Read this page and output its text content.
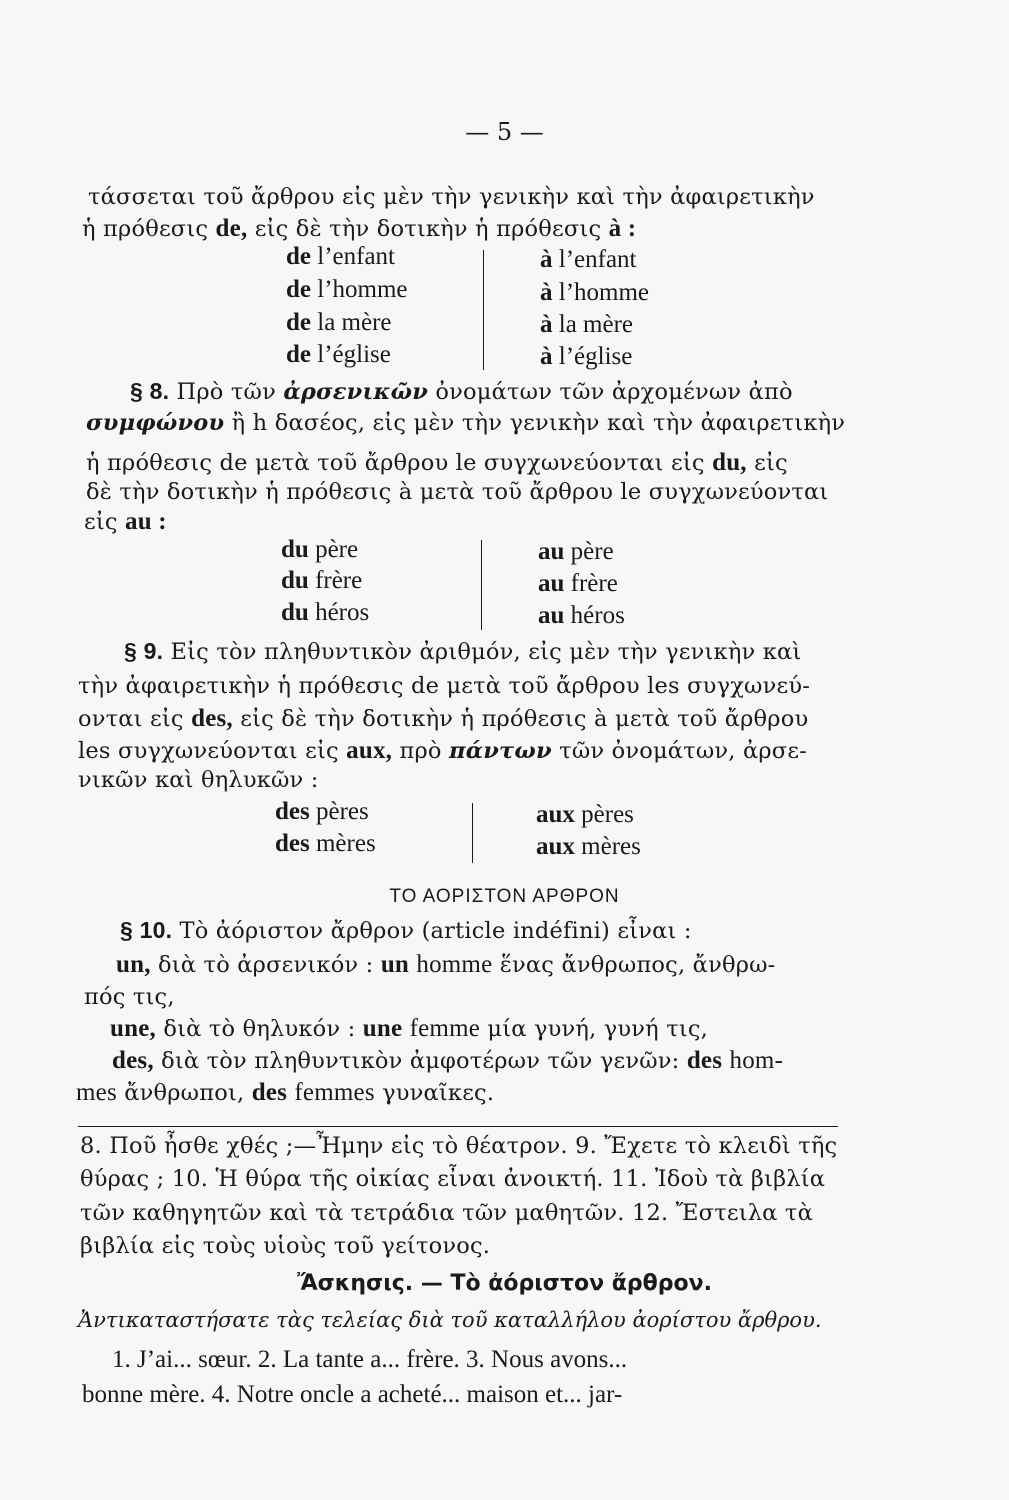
— 5 —
τάσσεται τοῦ ἄρθρου εἰς μὲν τὴν γενικὴν καὶ τὴν ἀφαιρετικὴν
ἡ πρόθεσις de, εἰς δὲ τὴν δοτικὴν ἡ πρόθεσις à :
de l’enfant
de l’homme
de la mère
de l’église
à l’enfant
à l’homme
à la mère
à l’église
§ 8. Πρὸ τῶν ἀρσενικῶν ὀνομάτων τῶν ἀρχομένων ἀπὸ
συμφώνου ἢ h δασέος, εἰς μὲν τὴν γενικὴν καὶ τὴν ἀφαιρετικὴν
ἡ πρόθεσις de μετὰ τοῦ ἄρθρου le συγχωνεύονται εἰς du, εἰς
δὲ τὴν δοτικὴν ἡ πρόθεσις à μετὰ τοῦ ἄρθρου le συγχωνεύονται
εἰς au :
du père
du frère
du héros
au père
au frère
au héros
§ 9. Εἰς τὸν πληθυντικὸν ἀριθμόν, εἰς μὲν τὴν γενικὴν καὶ
τὴν ἀφαιρετικὴν ἡ πρόθεσις de μετὰ τοῦ ἄρθρου les συγχωνεύ-
ονται εἰς des, εἰς δὲ τὴν δοτικὴν ἡ πρόθεσις à μετὰ τοῦ ἄρθρου
les συγχωνεύονται εἰς aux, πρὸ πάντων τῶν ὀνομάτων, ἀρσε-
νικῶν καὶ θηλυκῶν :
des pères
des mères
aux pères
aux mères
ΤΟ ΑΟΡΙΣΤΟΝ ΑΡΘΡΟΝ
§ 10. Τὸ ἀόριστον ἄρθρον (article indéfini) εἶναι :
un, διὰ τὸ ἀρσενικόν : un homme ἕνας ἄνθρωπος, ἄνθρω-
πός τις,
une, διὰ τὸ θηλυκόν : une femme μία γυνή, γυνή τις,
des, διὰ τὸν πληθυντικὸν ἀμφοτέρων τῶν γενῶν: des hom-
mes ἄνθρωποι, des femmes γυναῖκες.
8. Ποῦ ἦσθε χθές ;—Ἦμην εἰς τὸ θέατρον. 9. Ἔχετε τὸ κλειδὶ τῆς
θύρας ; 10. Ἡ θύρα τῆς οἰκίας εἶναι ἀνοικτή. 11. Ἰδοὺ τὰ βιβλία
τῶν καθηγητῶν καὶ τὰ τετράδια τῶν μαθητῶν. 12. Ἔστειλα τὰ
βιβλία εἰς τοὺς υἱοὺς τοῦ γείτονος.
Ἄσκησις. — Τὸ ἀόριστον ἄρθρον.
Ἀντικαταστήσατε τὰς τελείας διὰ τοῦ καταλλήλου ἀορίστου ἄρθρου.
1. J’ai... sœur. 2. La tante a... frère. 3. Nous avons...
bonne mère. 4. Notre oncle a acheté... maison et... jar-
